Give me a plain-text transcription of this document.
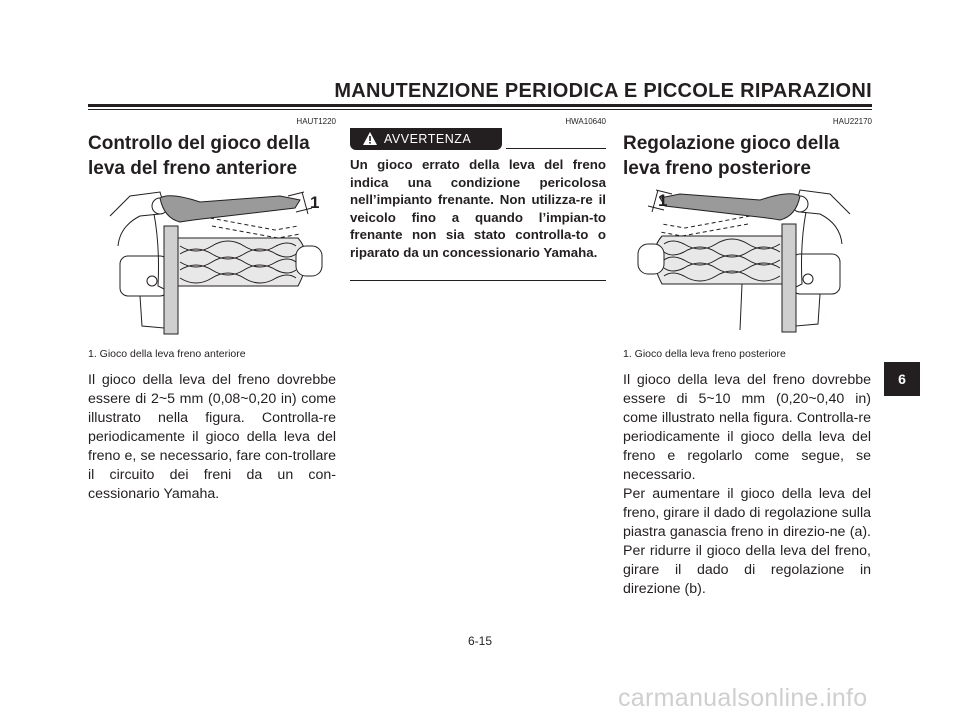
MANUTENZIONE PERIODICA E PICCOLE RIPARAZIONI
HAUT1220
Controllo del gioco della leva del freno anteriore
1
1. Gioco della leva freno anteriore
Il gioco della leva del freno dovrebbe essere di 2~5 mm (0,08~0,20 in) come illustrato nella figura. Controlla-re periodicamente il gioco della leva del freno e, se necessario, fare con-trollare il circuito dei freni da un con-cessionario Yamaha.
HWA10640
AVVERTENZA
Un gioco errato della leva del freno indica una condizione pericolosa nell’impianto frenante. Non utilizza-re il veicolo fino a quando l’impian-to frenante non sia stato controlla-to o riparato da un concessionario Yamaha.
HAU22170
Regolazione gioco della leva freno posteriore
1
1. Gioco della leva freno posteriore

Il gioco della leva del freno dovrebbe essere di 5~10 mm (0,20~0,40 in) come illustrato nella figura. Controlla-re periodicamente il gioco della leva del freno e regolarlo come segue, se necessario.

Per aumentare il gioco della leva del freno, girare il dado di regolazione sulla piastra ganascia freno in direzio-ne (a). Per ridurre il gioco della leva del freno, girare il dado di regolazione in direzione (b).

6
6-15
carmanualsonline.info
